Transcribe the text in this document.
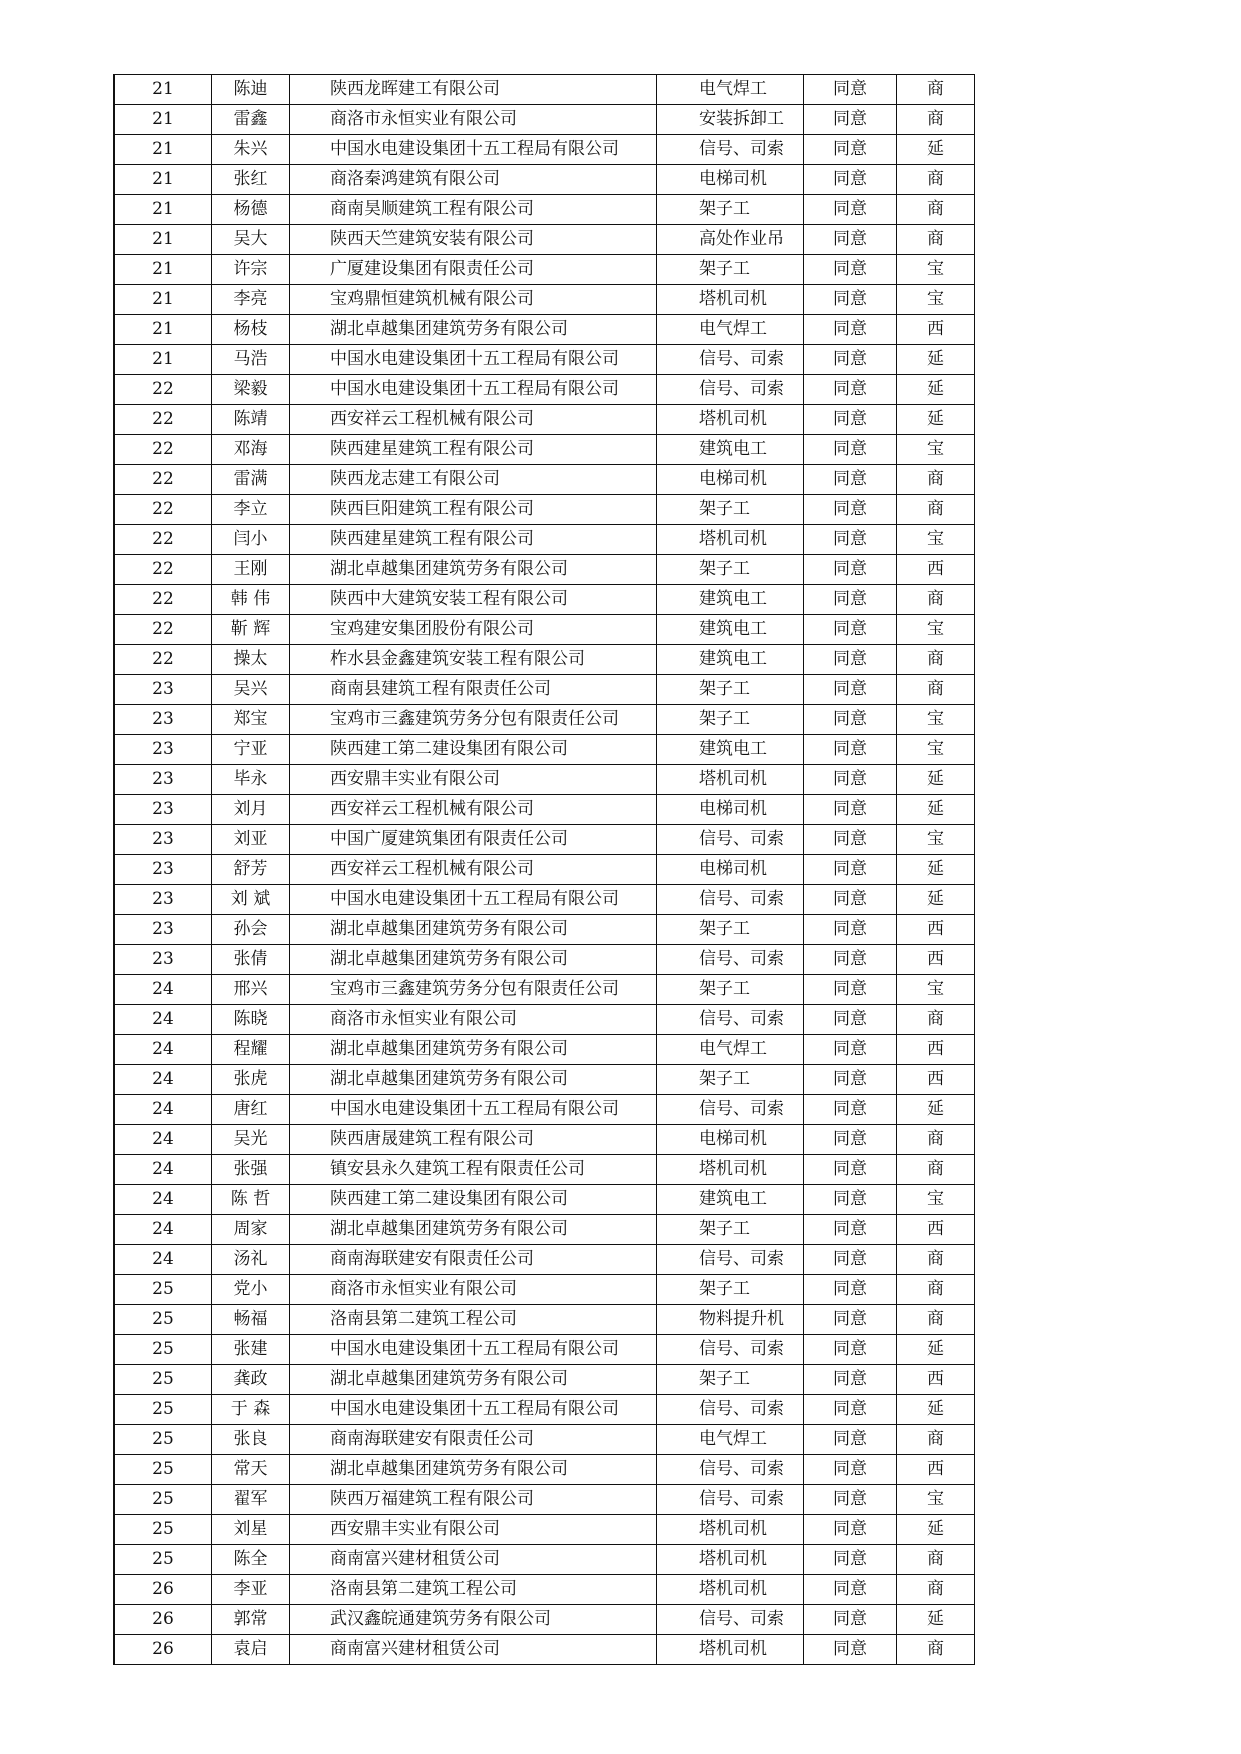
21	陈迪	陕西龙晖建工有限公司	电气焊工	同意	商
21	雷鑫	商洛市永恒实业有限公司	安装拆卸工	同意	商
21	朱兴	中国水电建设集团十五工程局有限公司	信号、司索	同意	延
21	张红	商洛秦鸿建筑有限公司	电梯司机	同意	商
21	杨德	商南昊顺建筑工程有限公司	架子工	同意	商
21	吴大	陕西天竺建筑安装有限公司	高处作业吊	同意	商
21	许宗	广厦建设集团有限责任公司	架子工	同意	宝
21	李亮	宝鸡鼎恒建筑机械有限公司	塔机司机	同意	宝
21	杨枝	湖北卓越集团建筑劳务有限公司	电气焊工	同意	西
21	马浩	中国水电建设集团十五工程局有限公司	信号、司索	同意	延
22	梁毅	中国水电建设集团十五工程局有限公司	信号、司索	同意	延
22	陈靖	西安祥云工程机械有限公司	塔机司机	同意	延
22	邓海	陕西建星建筑工程有限公司	建筑电工	同意	宝
22	雷满	陕西龙志建工有限公司	电梯司机	同意	商
22	李立	陕西巨阳建筑工程有限公司	架子工	同意	商
22	闫小	陕西建星建筑工程有限公司	塔机司机	同意	宝
22	王刚	湖北卓越集团建筑劳务有限公司	架子工	同意	西
22	韩 伟	陕西中大建筑安装工程有限公司	建筑电工	同意	商
22	靳 辉	宝鸡建安集团股份有限公司	建筑电工	同意	宝
22	操太	柞水县金鑫建筑安装工程有限公司	建筑电工	同意	商
23	吴兴	商南县建筑工程有限责任公司	架子工	同意	商
23	郑宝	宝鸡市三鑫建筑劳务分包有限责任公司	架子工	同意	宝
23	宁亚	陕西建工第二建设集团有限公司	建筑电工	同意	宝
23	毕永	西安鼎丰实业有限公司	塔机司机	同意	延
23	刘月	西安祥云工程机械有限公司	电梯司机	同意	延
23	刘亚	中国广厦建筑集团有限责任公司	信号、司索	同意	宝
23	舒芳	西安祥云工程机械有限公司	电梯司机	同意	延
23	刘 斌	中国水电建设集团十五工程局有限公司	信号、司索	同意	延
23	孙会	湖北卓越集团建筑劳务有限公司	架子工	同意	西
23	张倩	湖北卓越集团建筑劳务有限公司	信号、司索	同意	西
24	邢兴	宝鸡市三鑫建筑劳务分包有限责任公司	架子工	同意	宝
24	陈晓	商洛市永恒实业有限公司	信号、司索	同意	商
24	程耀	湖北卓越集团建筑劳务有限公司	电气焊工	同意	西
24	张虎	湖北卓越集团建筑劳务有限公司	架子工	同意	西
24	唐红	中国水电建设集团十五工程局有限公司	信号、司索	同意	延
24	吴光	陕西唐晟建筑工程有限公司	电梯司机	同意	商
24	张强	镇安县永久建筑工程有限责任公司	塔机司机	同意	商
24	陈 哲	陕西建工第二建设集团有限公司	建筑电工	同意	宝
24	周家	湖北卓越集团建筑劳务有限公司	架子工	同意	西
24	汤礼	商南海联建安有限责任公司	信号、司索	同意	商
25	党小	商洛市永恒实业有限公司	架子工	同意	商
25	畅福	洛南县第二建筑工程公司	物料提升机	同意	商
25	张建	中国水电建设集团十五工程局有限公司	信号、司索	同意	延
25	龚政	湖北卓越集团建筑劳务有限公司	架子工	同意	西
25	于 森	中国水电建设集团十五工程局有限公司	信号、司索	同意	延
25	张良	商南海联建安有限责任公司	电气焊工	同意	商
25	常天	湖北卓越集团建筑劳务有限公司	信号、司索	同意	西
25	翟军	陕西万福建筑工程有限公司	信号、司索	同意	宝
25	刘星	西安鼎丰实业有限公司	塔机司机	同意	延
25	陈全	商南富兴建材租赁公司	塔机司机	同意	商
26	李亚	洛南县第二建筑工程公司	塔机司机	同意	商
26	郭常	武汉鑫皖通建筑劳务有限公司	信号、司索	同意	延
26	袁启	商南富兴建材租赁公司	塔机司机	同意	商
